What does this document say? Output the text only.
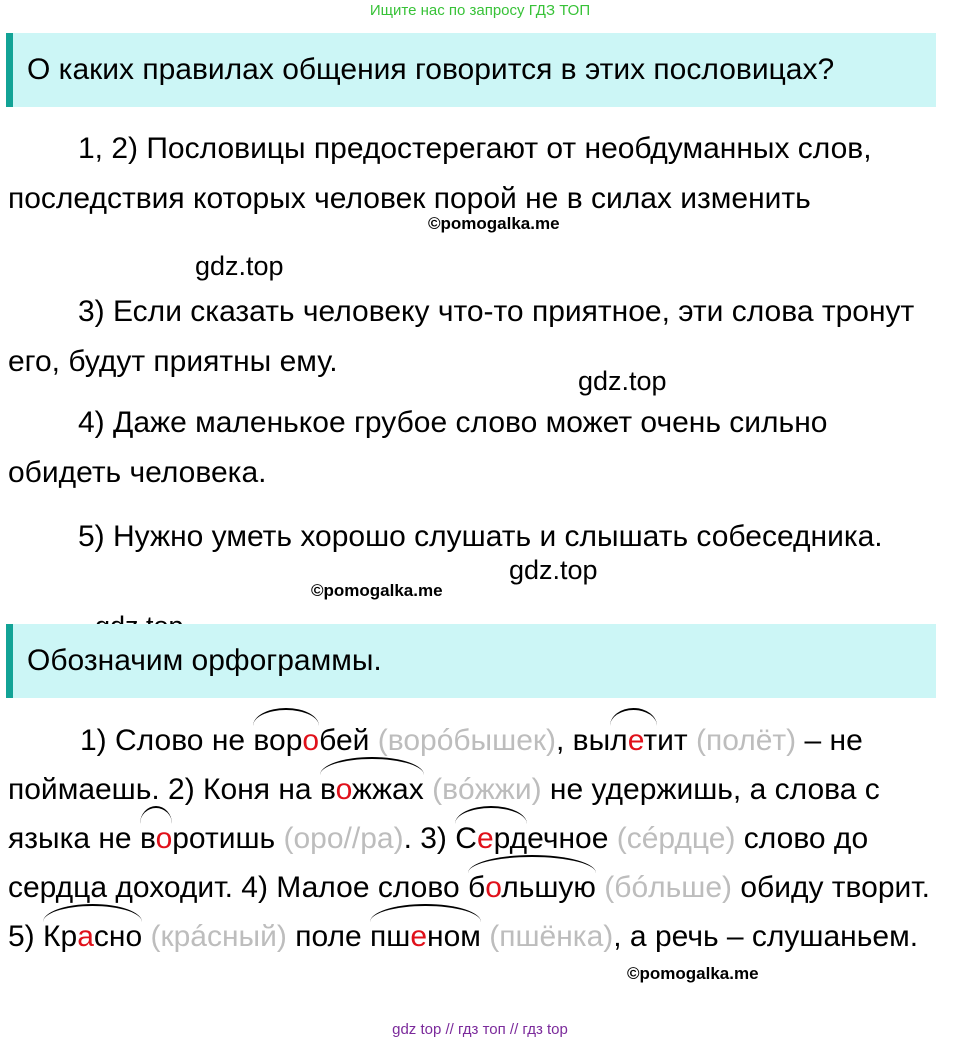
Ищите нас по запросу ГДЗ ТОП
О каких правилах общения говорится в этих пословицах?
1, 2) Пословицы предостерегают от необдуманных слов, последствия которых человек порой не в силах изменить
©pomogalka.me
gdz.top
3) Если сказать человеку что-то приятное, эти слова тронут его, будут приятны ему.
gdz.top
4) Даже маленькое грубое слово может очень сильно обидеть человека.
5) Нужно уметь хорошо слушать и слышать собеседника.
gdz.top
©pomogalka.me
Обозначим орфограммы.
1) Слово не воробей (ворóбышек), вылетит (полёт) – не поймаешь. 2) Коня на вожжах (вóжжи) не удержишь, а слова с языка не воротишь (оро//ра). 3) Сердечное (сéрдце) слово до сердца доходит. 4) Малое слово большую (бóльше) обиду творит. 5) Красно (крáсный) поле пшеном (пшёнка), а речь – слушаньем.
©pomogalka.me
gdz top // гдз топ // гдз top
